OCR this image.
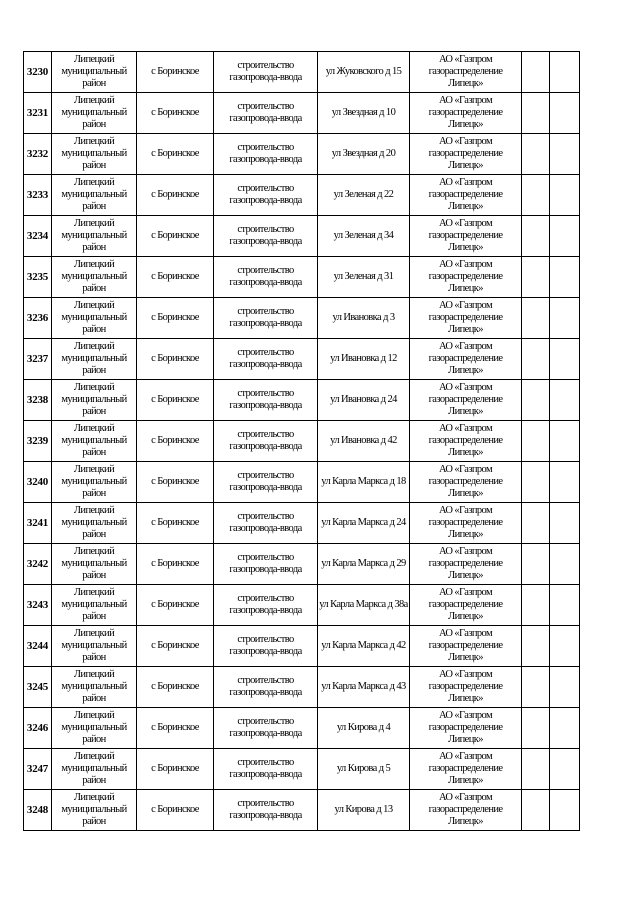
3230	Липецкий муниципальный район	с Боринское	строительство газопровода-ввода	ул Жуковского д 15	АО «Газпром газораспределение Липецк»		
3231	Липецкий муниципальный район	с Боринское	строительство газопровода-ввода	ул Звездная д 10	АО «Газпром газораспределение Липецк»		
3232	Липецкий муниципальный район	с Боринское	строительство газопровода-ввода	ул Звездная д 20	АО «Газпром газораспределение Липецк»		
3233	Липецкий муниципальный район	с Боринское	строительство газопровода-ввода	ул Зеленая д 22	АО «Газпром газораспределение Липецк»		
3234	Липецкий муниципальный район	с Боринское	строительство газопровода-ввода	ул Зеленая д 34	АО «Газпром газораспределение Липецк»		
3235	Липецкий муниципальный район	с Боринское	строительство газопровода-ввода	ул Зеленая д 31	АО «Газпром газораспределение Липецк»		
3236	Липецкий муниципальный район	с Боринское	строительство газопровода-ввода	ул Ивановка д 3	АО «Газпром газораспределение Липецк»		
3237	Липецкий муниципальный район	с Боринское	строительство газопровода-ввода	ул Ивановка д 12	АО «Газпром газораспределение Липецк»		
3238	Липецкий муниципальный район	с Боринское	строительство газопровода-ввода	ул Ивановка д 24	АО «Газпром газораспределение Липецк»		
3239	Липецкий муниципальный район	с Боринское	строительство газопровода-ввода	ул Ивановка д 42	АО «Газпром газораспределение Липецк»		
3240	Липецкий муниципальный район	с Боринское	строительство газопровода-ввода	ул Карла Маркса д 18	АО «Газпром газораспределение Липецк»		
3241	Липецкий муниципальный район	с Боринское	строительство газопровода-ввода	ул Карла Маркса д 24	АО «Газпром газораспределение Липецк»		
3242	Липецкий муниципальный район	с Боринское	строительство газопровода-ввода	ул Карла Маркса д 29	АО «Газпром газораспределение Липецк»		
3243	Липецкий муниципальный район	с Боринское	строительство газопровода-ввода	ул Карла Маркса д 38а	АО «Газпром газораспределение Липецк»		
3244	Липецкий муниципальный район	с Боринское	строительство газопровода-ввода	ул Карла Маркса д 42	АО «Газпром газораспределение Липецк»		
3245	Липецкий муниципальный район	с Боринское	строительство газопровода-ввода	ул Карла Маркса д 43	АО «Газпром газораспределение Липецк»		
3246	Липецкий муниципальный район	с Боринское	строительство газопровода-ввода	ул Кирова д 4	АО «Газпром газораспределение Липецк»		
3247	Липецкий муниципальный район	с Боринское	строительство газопровода-ввода	ул Кирова д 5	АО «Газпром газораспределение Липецк»		
3248	Липецкий муниципальный район	с Боринское	строительство газопровода-ввода	ул Кирова д 13	АО «Газпром газораспределение Липецк»		
